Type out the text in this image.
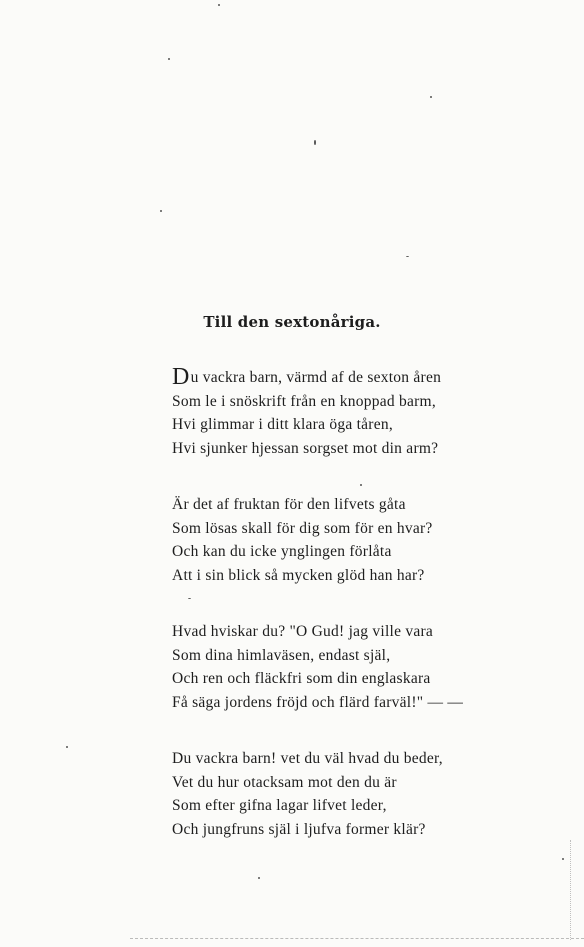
Till den sextonåriga.
Du vackra barn, värmd af de sexton åren
Som le i snöskrift från en knoppad barm,
Hvi glimmar i ditt klara öga tåren,
Hvi sjunker hjessan sorgset mot din arm?
Är det af fruktan för den lifvets gåta
Som lösas skall för dig som för en hvar?
Och kan du icke ynglingen förlåta
Att i sin blick så mycken glöd han har?
Hvad hviskar du? "O Gud! jag ville vara
Som dina himlaväsen, endast själ,
Och ren och fläckfri som din englaskara
Få säga jordens fröjd och flärd farväl!" — —
Du vackra barn! vet du väl hvad du beder,
Vet du hur otacksam mot den du är
Som efter gifna lagar lifvet leder,
Och jungfruns själ i ljufva former klär?
